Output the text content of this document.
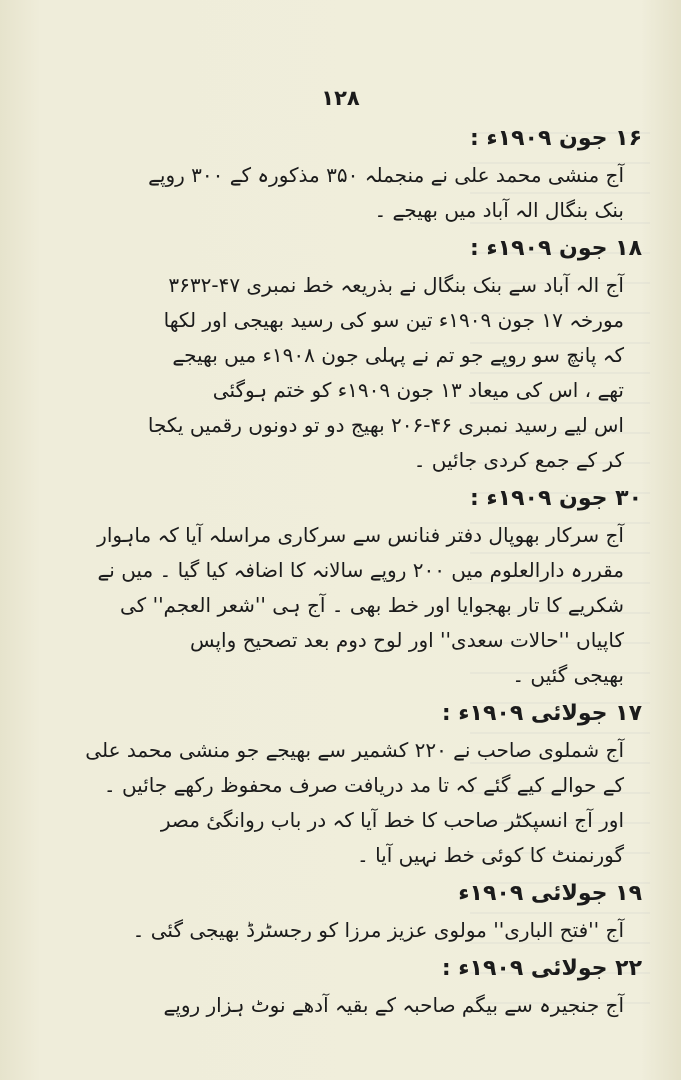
۱۲۸
۱۶ جون ۱۹۰۹ء :
آج منشی محمد علی نے منجملہ ۳۵۰ مذکورہ کے ۳۰۰ روپے
بنک بنگال الہ آباد میں بھیجے ۔
۱۸ جون ۱۹۰۹ء :
آج الہ آباد سے بنک بنگال نے بذریعہ خط نمبری ۴۷-۳۶۳۲
مورخہ ۱۷ جون ۱۹۰۹ء تین سو کی رسید بھیجی اور لکھا
کہ پانچ سو روپے جو تم نے پہلی جون ۱۹۰۸ء میں بھیجے
تھے ، اس کی میعاد ۱۳ جون ۱۹۰۹ء کو ختم ہوگئی
اس لیے رسید نمبری ۴۶-۲۰۶ بھیج دو تو دونوں رقمیں یکجا
کر کے جمع کردی جائیں ۔
۳۰ جون ۱۹۰۹ء :
آج سرکار بھوپال دفتر فنانس سے سرکاری مراسلہ آیا کہ ماہوار
مقررہ دارالعلوم میں ۲۰۰ روپے سالانہ کا اضافہ کیا گیا ۔ میں نے
شکریے کا تار بھجوایا اور خط بھی ۔ آج ہی ''شعر العجم'' کی
کاپیاں ''حالات سعدی'' اور لوح دوم بعد تصحیح واپس
بھیجی گئیں ۔
۱۷ جولائی ۱۹۰۹ء :
آج شملوی صاحب نے ۲۲۰ کشمیر سے بھیجے جو منشی محمد علی
کے حوالے کیے گئے کہ تا مد دریافت صرف محفوظ رکھے جائیں ۔
اور آج انسپکٹر صاحب کا خط آیا کہ در باب روانگیٔ مصر
گورنمنٹ کا کوئی خط نہیں آیا ۔
۱۹ جولائی ۱۹۰۹ء
آج ''فتح الباری'' مولوی عزیز مرزا کو رجسٹرڈ بھیجی گئی ۔
۲۲ جولائی ۱۹۰۹ء :
آج جنجیرہ سے بیگم صاحبہ کے بقیہ آدھے نوٹ ہزار روپے
